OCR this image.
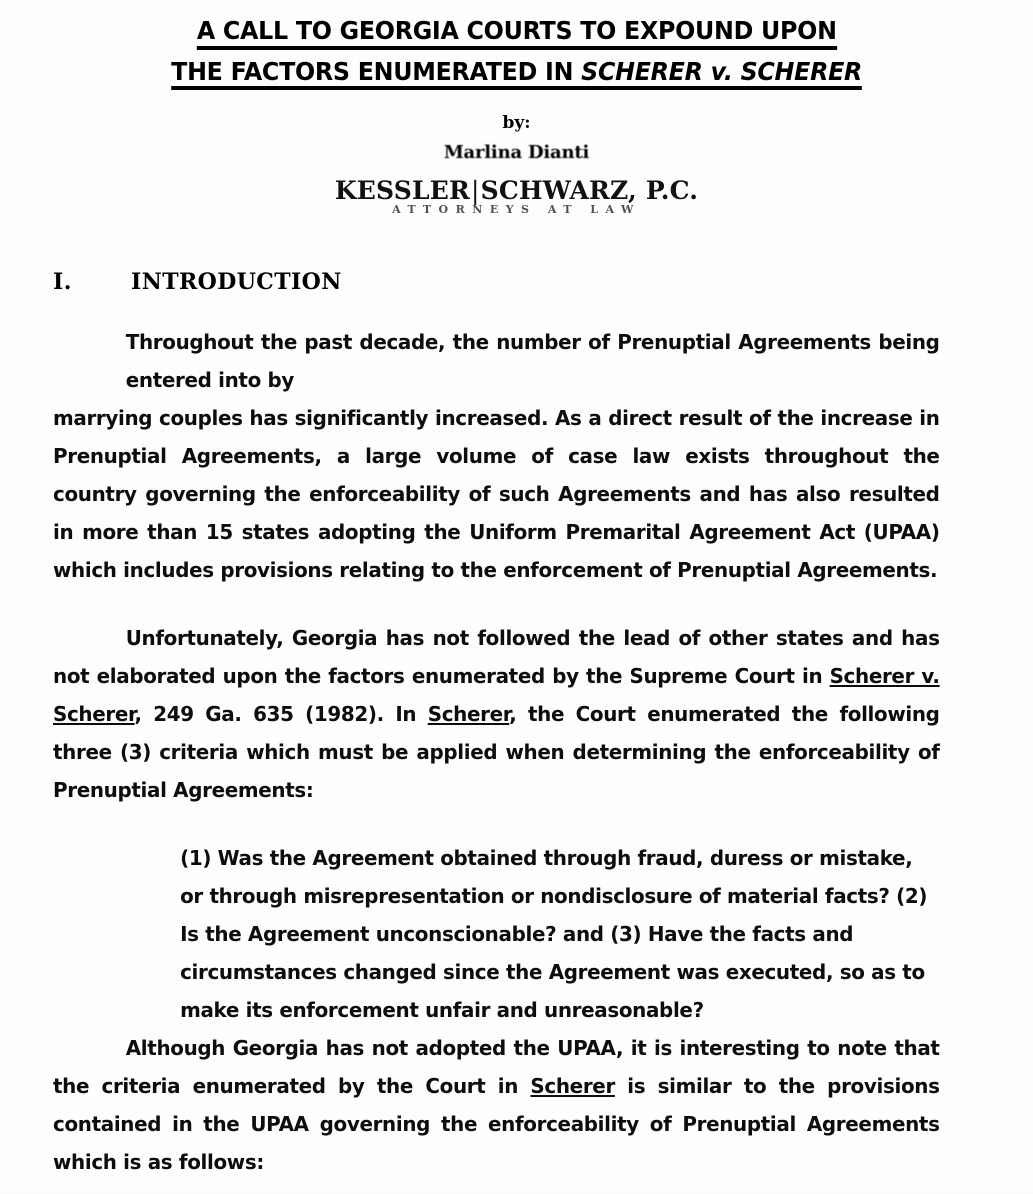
A CALL TO GEORGIA COURTS TO EXPOUND UPON THE FACTORS ENUMERATED IN SCHERER v. SCHERER
by:
Marlina Dianti
KESSLER|SCHWARZ, P.C.
ATTORNEYS AT LAW
I.	INTRODUCTION

Throughout the past decade, the number of Prenuptial Agreements being
entered into by
marrying couples has significantly increased. As a direct result of the increase in Prenuptial Agreements, a large volume of case law exists throughout the country governing the enforceability of such Agreements and has also resulted in more than 15 states adopting the Uniform Premarital Agreement Act (UPAA) which includes provisions relating to the enforcement of Prenuptial Agreements.

Unfortunately, Georgia has not followed the lead of other states and has not elaborated upon the factors enumerated by the Supreme Court in Scherer v. Scherer, 249 Ga. 635 (1982). In Scherer, the Court enumerated the following three (3) criteria which must be applied when determining the enforceability of Prenuptial Agreements:

(1) Was the Agreement obtained through fraud, duress or mistake,
or through misrepresentation or nondisclosure of material facts? (2)
Is the Agreement unconscionable? and (3) Have the facts and
circumstances changed since the Agreement was executed, so as to
make its enforcement unfair and unreasonable?

Although Georgia has not adopted the UPAA, it is interesting to note that the criteria enumerated by the Court in Scherer is similar to the provisions contained in the UPAA governing the enforceability of Prenuptial Agreements which is as follows:
